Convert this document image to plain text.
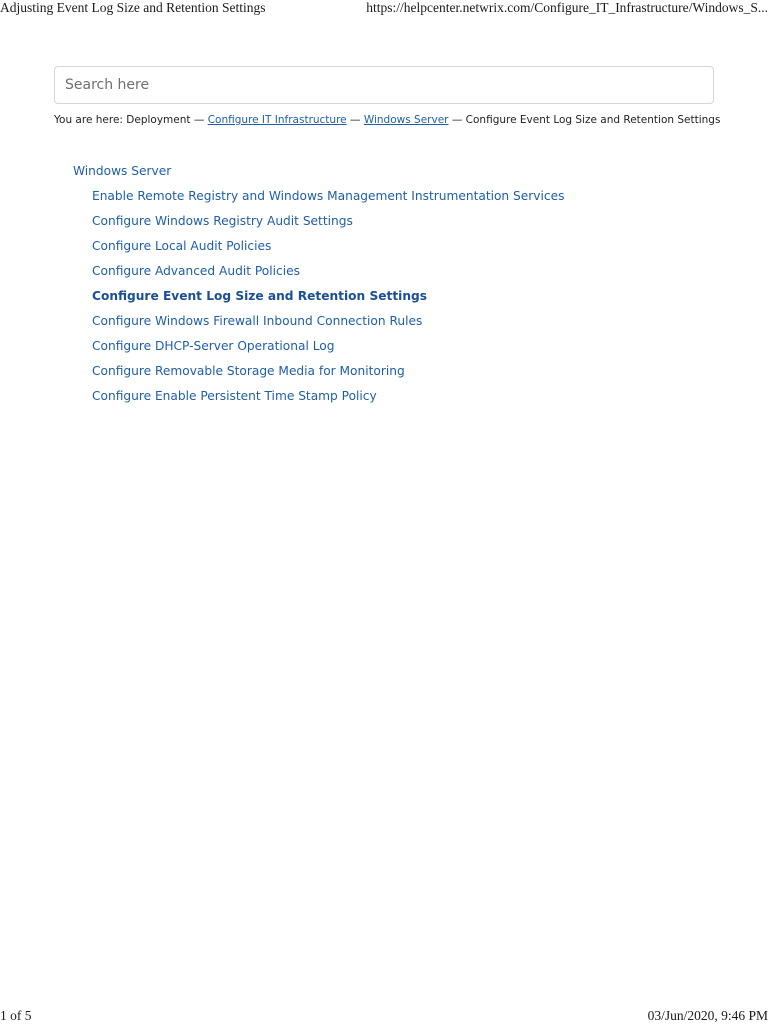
Adjusting Event Log Size and Retention Settings	https://helpcenter.netwrix.com/Configure_IT_Infrastructure/Windows_S...
Search here
You are here: Deployment — Configure IT Infrastructure — Windows Server — Configure Event Log Size and Retention Settings
Windows Server
Enable Remote Registry and Windows Management Instrumentation Services
Configure Windows Registry Audit Settings
Configure Local Audit Policies
Configure Advanced Audit Policies
Configure Event Log Size and Retention Settings
Configure Windows Firewall Inbound Connection Rules
Configure DHCP-Server Operational Log
Configure Removable Storage Media for Monitoring
Configure Enable Persistent Time Stamp Policy
1 of 5	03/Jun/2020, 9:46 PM
